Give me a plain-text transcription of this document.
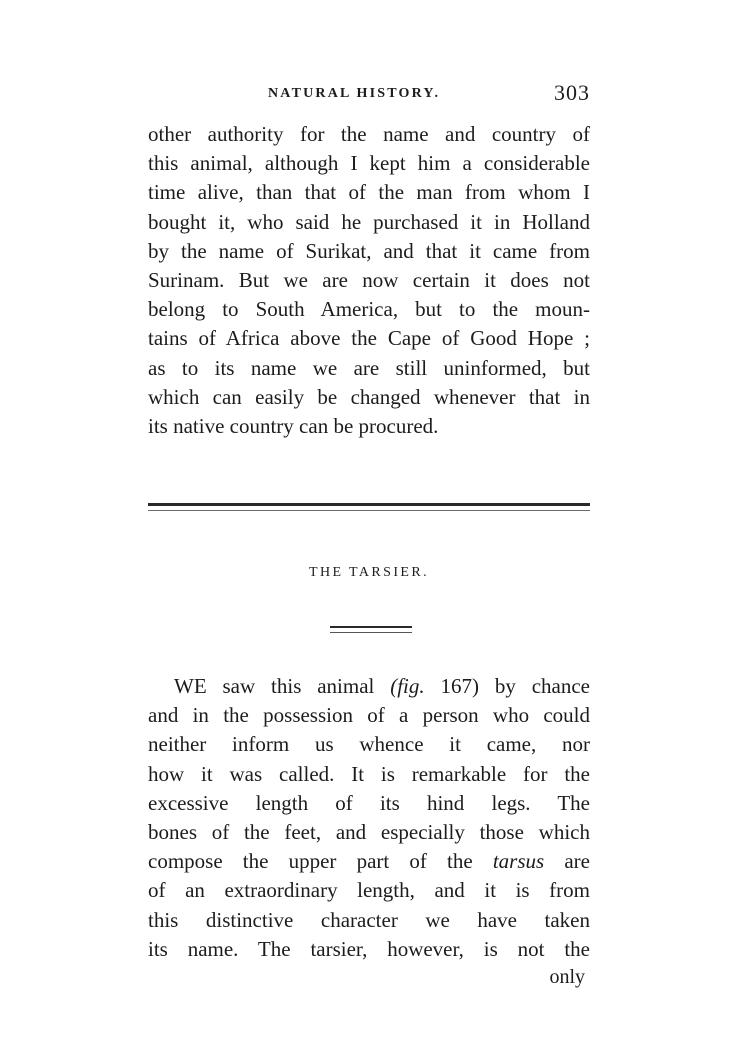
NATURAL HISTORY.	303
other authority for the name and country of
this animal, although I kept him a considerable
time alive, than that of the man from whom I
bought it, who said he purchased it in Holland
by the name of Surikat, and that it came from
Surinam. But we are now certain it does not
belong to South America, but to the moun-
tains of Africa above the Cape of Good Hope ;
as to its name we are still uninformed, but
which can easily be changed whenever that in
its native country can be procured.
THE TARSIER.
WE saw this animal (fig. 167) by chance
and in the possession of a person who could
neither inform us whence it came, nor
how it was called. It is remarkable for the
excessive length of its hind legs. The
bones of the feet, and especially those which
compose the upper part of the tarsus are
of an extraordinary length, and it is from
this distinctive character we have taken
its name. The tarsier, however, is not the
only
